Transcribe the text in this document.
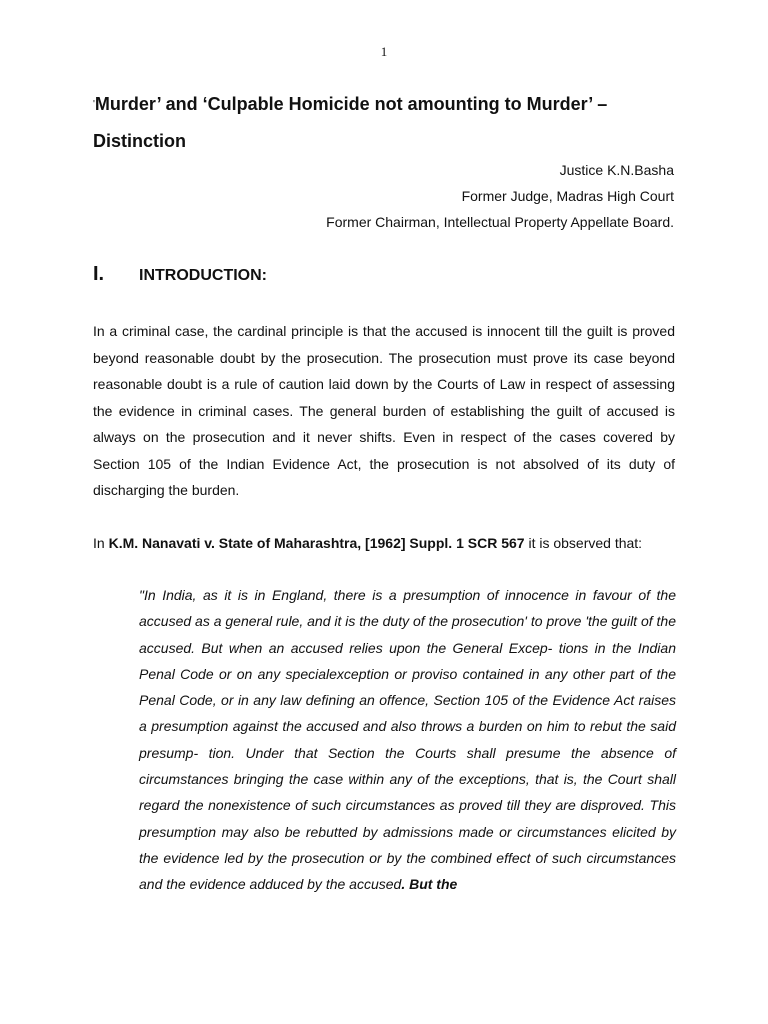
1
'Murder’ and ‘Culpable Homicide not amounting to Murder’ – Distinction
Justice K.N.Basha
Former Judge, Madras High Court
Former Chairman, Intellectual Property Appellate Board.
I. INTRODUCTION:

In a criminal case, the cardinal principle is that the accused is innocent till the guilt is proved beyond reasonable doubt by the prosecution. The prosecution must prove its case beyond reasonable doubt is a rule of caution laid down by the Courts of Law in respect of assessing the evidence in criminal cases. The general burden of establishing the guilt of accused is always on the prosecution and it never shifts. Even in respect of the cases covered by Section 105 of the Indian Evidence Act, the prosecution is not absolved of its duty of discharging the burden.

In K.M. Nanavati v. State of Maharashtra, [1962] Suppl. 1 SCR 567 it is observed that:

"In India, as it is in England, there is a presumption of innocence in favour of the accused as a general rule, and it is the duty of the prosecution' to prove 'the guilt of the accused. But when an accused relies upon the General Excep- tions in the Indian Penal Code or on any specialexception or proviso contained in any other part of the Penal Code, or in any law defining an offence, Section 105 of the Evidence Act raises a presumption against the accused and also throws a burden on him to rebut the said presump- tion. Under that Section the Courts shall presume the absence of circumstances bringing the case within any of the exceptions, that is, the Court shall regard the nonexistence of such circumstances as proved till they are disproved. This presumption may also be rebutted by admissions made or circumstances elicited by the evidence led by the prosecution or by the combined effect of such circumstances and the evidence adduced by the accused. But the
